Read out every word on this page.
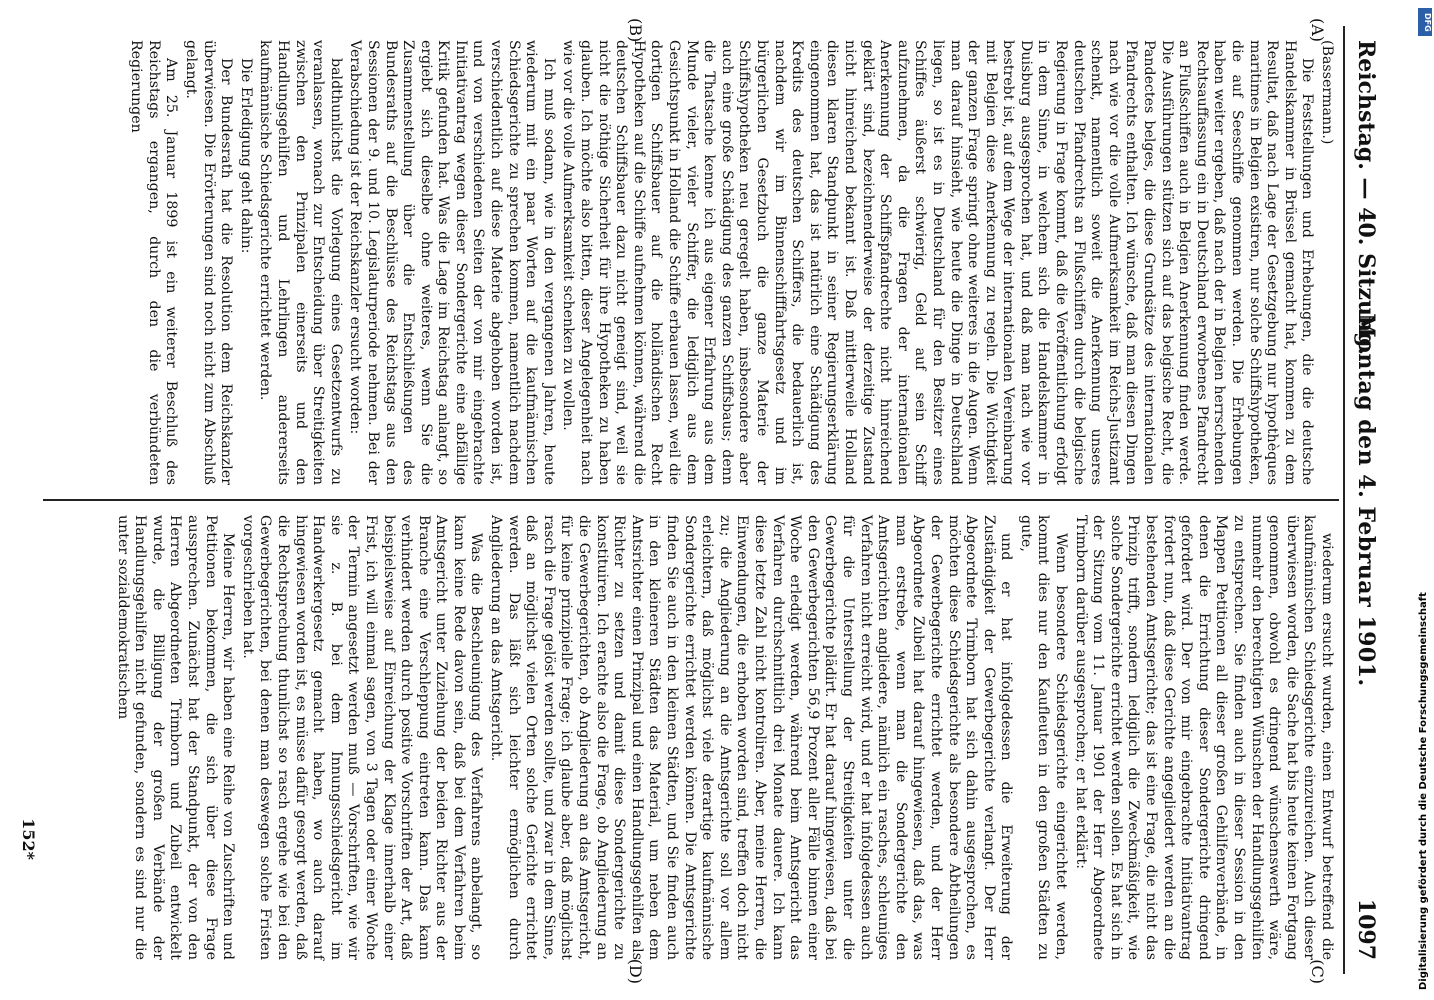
Reichstag. — 40. Sitzung.
Montag den 4. Februar 1901.
1097

(Bassermann.)

Die Feststellungen und Erhebungen, die die deutsche Handelskammer in Brüssel gemacht hat, kommen zu dem Resultat, daß nach Lage der Gesetzgebung nur hypothèques maritimes in Belgien existiren, nur solche Schiffshypotheken, die auf Seeschiffe genommen werden. Die Erhebungen haben weiter ergeben, daß nach der in Belgien herrschenden Rechtsauffassung ein in Deutschland erworbenes Pfandrecht an Flußschiffen auch in Belgien Anerkennung finden werde. Die Ausführungen stützen sich auf das belgische Recht, die Pandectes belges, die diese Grundsätze des internationalen Pfandrechts enthalten. Ich wünsche, daß man diesen Dingen nach wie vor die volle Aufmerksamkeit im Reichs-Justizamt schenkt, namentlich soweit die Anerkennung unseres deutschen Pfandrechts an Flußschiffen durch die belgische Regierung in Frage kommt, daß die Veröffentlichung erfolgt in dem Sinne, in welchem sich die Handelskammer in Duisburg ausgesprochen hat, und daß man nach wie vor bestrebt ist, auf dem Wege der internationalen Vereinbarung mit Belgien diese Anerkennung zu regeln. Die Wichtigkeit der ganzen Frage springt ohne weiteres in die Augen. Wenn man darauf hinsieht, wie heute die Dinge in Deutschland liegen, so ist es in Deutschland für den Besitzer eines Schiffes äußerst schwierig, Geld auf sein Schiff aufzunehmen, da die Fragen der internationalen Anerkennung der Schiffspfandrechte nicht hinreichend geklärt sind, bezeichnenderweise der derzeitige Zustand nicht hinreichend bekannt ist. Daß mittlerweile Holland diesen klaren Standpunkt in seiner Regierungserklärung eingenommen hat, das ist natürlich eine Schädigung des Kredits des deutschen Schiffers, die bedauerlich ist, nachdem wir im Binnenschifffahrtsgesetz und im bürgerlichen Gesetzbuch die ganze Materie der Schiffshypotheken neu geregelt haben, insbesondere aber auch eine große Schädigung des ganzen Schiffsbaus; denn die Thatsache kenne ich aus eigener Erfahrung aus dem Munde vieler, vieler Schiffer, die lediglich aus dem Gesichtspunkt in Holland die Schiffe erbauen lassen, weil die dortigen Schiffsbauer auf die holländischen Recht Hypotheken auf die Schiffe aufnehmen können, während die deutschen Schiffsbauer dazu nicht geneigt sind, weil sie nicht die nöthige Sicherheit für ihre Hypotheken zu haben glauben. Ich möchte also bitten, dieser Angelegenheit nach wie vor die volle Aufmerksamkeit schenken zu wollen.

Ich muß sodann, wie in den vergangenen Jahren, heute wiederum mit ein paar Worten auf die kaufmännischen Schiedsgerichte zu sprechen kommen, namentlich nachdem verschiedentlich auf diese Materie abgehoben worden ist, und von verschiedenen Seiten der von mir eingebrachte Initiativantrag wegen dieser Sondergerichte eine abfällige Kritik gefunden hat. Was die Lage im Reichstag anlangt, so ergiebt sich dieselbe ohne weiteres, wenn Sie die Zusammenstellung über die Entschließungen des Bundesraths auf die Beschlüsse des Reichstags aus den Sessionen der 9. und 10. Legislaturperiode nehmen. Bei der Verabschiedung ist der Reichskanzler ersucht worden:

baldthunlichst die Vorlegung eines Gesetzentwurfs zu veranlassen, wonach zur Entscheidung über Streitigkeiten zwischen den Prinzipalen einerseits und den Handlungsgehilfen und Lehrlingen andererseits kaufmännische Schiedsgerichte errichtet werden.

Die Erledigung geht dahin:

Der Bundesrath hat die Resolution dem Reichskanzler überwiesen. Die Erörterungen sind noch nicht zum Abschluß gelangt.

Am 25. Januar 1899 ist ein weiterer Beschluß des Reichstags ergangen, durch den die verbündeten Regierungen

wiederum ersucht wurden, einen Entwurf betreffend die kaufmännischen Schiedsgerichte einzureichen. Auch dieser überwiesen worden, die Sache hat bis heute keinen Fortgang genommen, obwohl es dringend wünschenswerth wäre, nunmehr den berechtigten Wünschen der Handlungsgehilfen zu entsprechen. Sie finden auch in dieser Session in den Mappen Petitionen all dieser großen Gehilfenverbände, in denen die Errichtung dieser Sondergerichte dringend gefordert wird. Der von mir eingebrachte Initiativantrag fordert nun, daß diese Gerichte angegliedert werden an die bestehenden Amtsgerichte; das ist eine Frage, die nicht das Prinzip trifft, sondern lediglich die Zweckmäßigkeit, wie solche Sondergerichte errichtet werden sollen. Es hat sich in der Sitzung vom 11. Januar 1901 der Herr Abgeordnete Trimborn darüber ausgesprochen; er hat erklärt:

Wenn besondere Schiedsgerichte eingerichtet werden, kommt dies nur den Kaufleuten in den großen Städten zu gute,

und er hat infolgedessen die Erweiterung der Zuständigkeit der Gewerbegerichte verlangt. Der Herr Abgeordnete Trimborn hat sich dahin ausgesprochen, es möchten diese Schiedsgerichte als besondere Abtheilungen der Gewerbegerichte errichtet werden, und der Herr Abgeordnete Zubeil hat darauf hingewiesen, daß das, was man erstrebe, wenn man die Sondergerichte den Amtsgerichten angliedere, nämlich ein rasches, schleuniges Verfahren nicht erreicht wird, und er hat infolgedessen auch für die Unterstellung der Streitigkeiten unter die Gewerbegerichte plädirt. Er hat darauf hingewiesen, daß bei den Gewerbegerichten 56,9 Prozent aller Fälle binnen einer Woche erledigt werden, während beim Amtsgericht das Verfahren durchschnittlich drei Monate dauere. Ich kann diese letzte Zahl nicht kontroliren. Aber, meine Herren, die Einwendungen, die erhoben worden sind, treffen doch nicht zu; die Angliederung an die Amtsgerichte soll vor allem erleichtern, daß möglichst viele derartige kaufmännische Sondergerichte errichtet werden können. Die Amtsgerichte finden Sie auch in den kleinen Städten, und Sie finden auch in den kleineren Städten das Material, um neben dem Amtsrichter einen Prinzipal und einen Handlungsgehilfen als Richter zu setzen und damit diese Sondergerichte zu konstituiren. Ich erachte also die Frage, ob Angliederung an die Gewerbegerichten, ob Angliederung an das Amtsgericht, für keine prinzipielle Frage; ich glaube aber, daß möglichst rasch die Frage gelöst werden sollte, und zwar in dem Sinne, daß an möglichst vielen Orten solche Gerichte errichtet werden. Das läßt sich leichter ermöglichen durch Angliederung an das Amtsgericht.

Was die Beschleunigung des Verfahrens anbelangt, so kann keine Rede davon sein, daß bei dem Verfahren beim Amtsgericht unter Zuziehung der beiden Richter aus der Branche eine Verschleppung eintreten kann. Das kann verhindert werden durch positive Vorschriften der Art, daß beispielsweise auf Einreichung der Klage innerhalb einer Frist, ich will einmal sagen, von 3 Tagen oder einer Woche der Termin angesetzt werden muß — Vorschriften, wie wir sie z. B. bei dem Innungsschiedsgericht im Handwerkergesetz gemacht haben, wo auch darauf hingewiesen worden ist, es müsse dafür gesorgt werden, daß die Rechtsprechung thunlichst so rasch ergehe wie bei den Gewerbegerichten, bei denen man deswegen solche Fristen vorgeschrieben hat.

Meine Herren, wir haben eine Reihe von Zuschriften und Petitionen bekommen, die sich über diese Frage aussprechen. Zunächst hat der Standpunkt, der von den Herren Abgeordneten Trimborn und Zubeil entwickelt wurde, die Billigung der großen Verbände der Handlungsgehilfen nicht gefunden, sondern es sind nur die unter sozialdemokratischem

(A)
(B)
(C)
(D)
152*
DFG
Digitalisierung gefördert durch die Deutsche Forschungsgemeinschaft
